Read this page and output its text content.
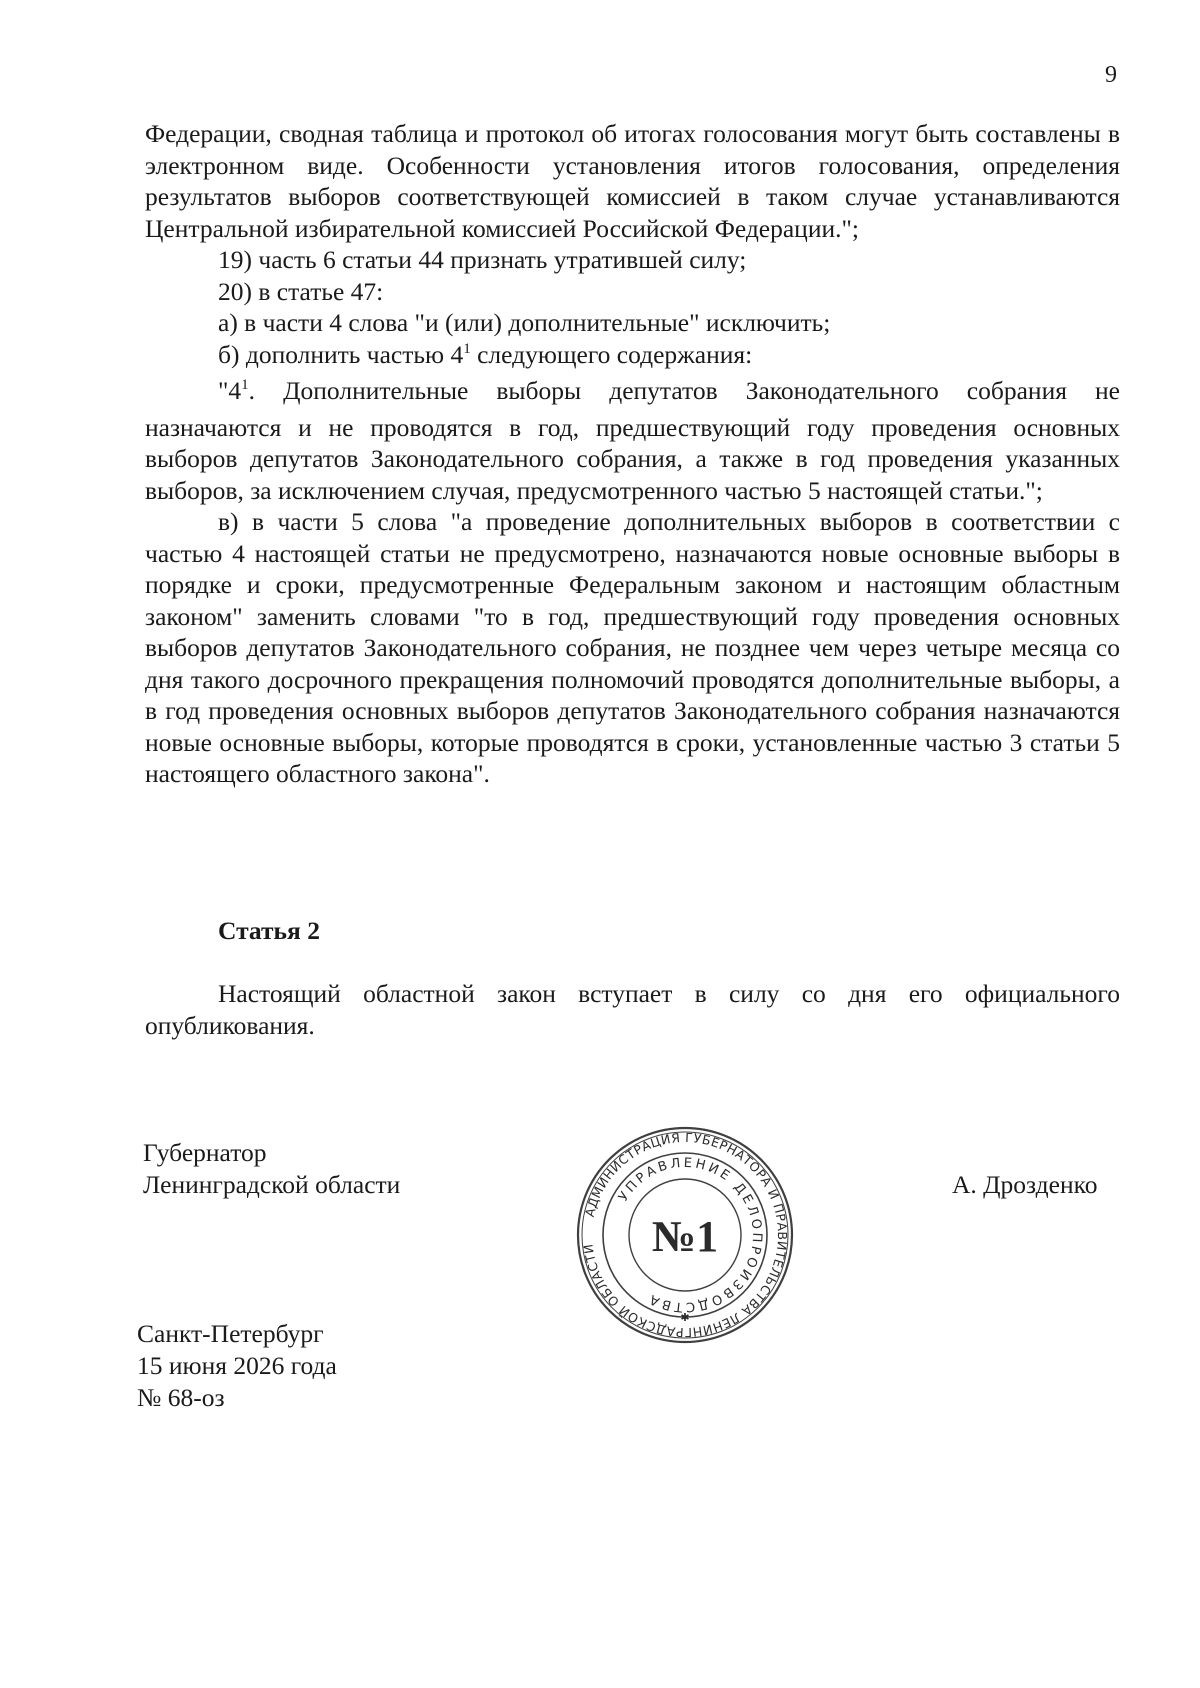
9

Федерации, сводная таблица и протокол об итогах голосования могут быть составлены в электронном виде. Особенности установления итогов голосования, определения результатов выборов соответствующей комиссией в таком случае устанавливаются Центральной избирательной комиссией Российской Федерации.";

19) часть 6 статьи 44 признать утратившей силу;

20) в статье 47:

а) в части 4 слова "и (или) дополнительные" исключить;

б) дополнить частью $4^1$ следующего содержания:

"$4^1$. Дополнительные выборы депутатов Законодательного собрания не назначаются и не проводятся в год, предшествующий году проведения основных выборов депутатов Законодательного собрания, а также в год проведения указанных выборов, за исключением случая, предусмотренного частью 5 настоящей статьи.";

в) в части 5 слова "а проведение дополнительных выборов в соответствии с частью 4 настоящей статьи не предусмотрено, назначаются новые основные выборы в порядке и сроки, предусмотренные Федеральным законом и настоящим областным законом" заменить словами "то в год, предшествующий году проведения основных выборов депутатов Законодательного собрания, не позднее чем через четыре месяца со дня такого досрочного прекращения полномочий проводятся дополнительные выборы, а в год проведения основных выборов депутатов Законодательного собрания назначаются новые основные выборы, которые проводятся в сроки, установленные частью 3 статьи 5 настоящего областного закона".

Статья 2

Настоящий областной закон вступает в силу со дня его официального опубликования.

Губернатор
Ленинградской области
АДМИНИСТРАЦИЯ ГУБЕРНАТОРА И ПРАВИТЕЛЬСТВА ЛЕНИНГРАДСКОЙ ОБЛАСТИ
УПРАВЛЕНИЕ ДЕЛОПРОИЗВОДСТВА
№1
✱
А. Дрозденко
Санкт-Петербург
15 июня 2026 года
№ 68-оз
